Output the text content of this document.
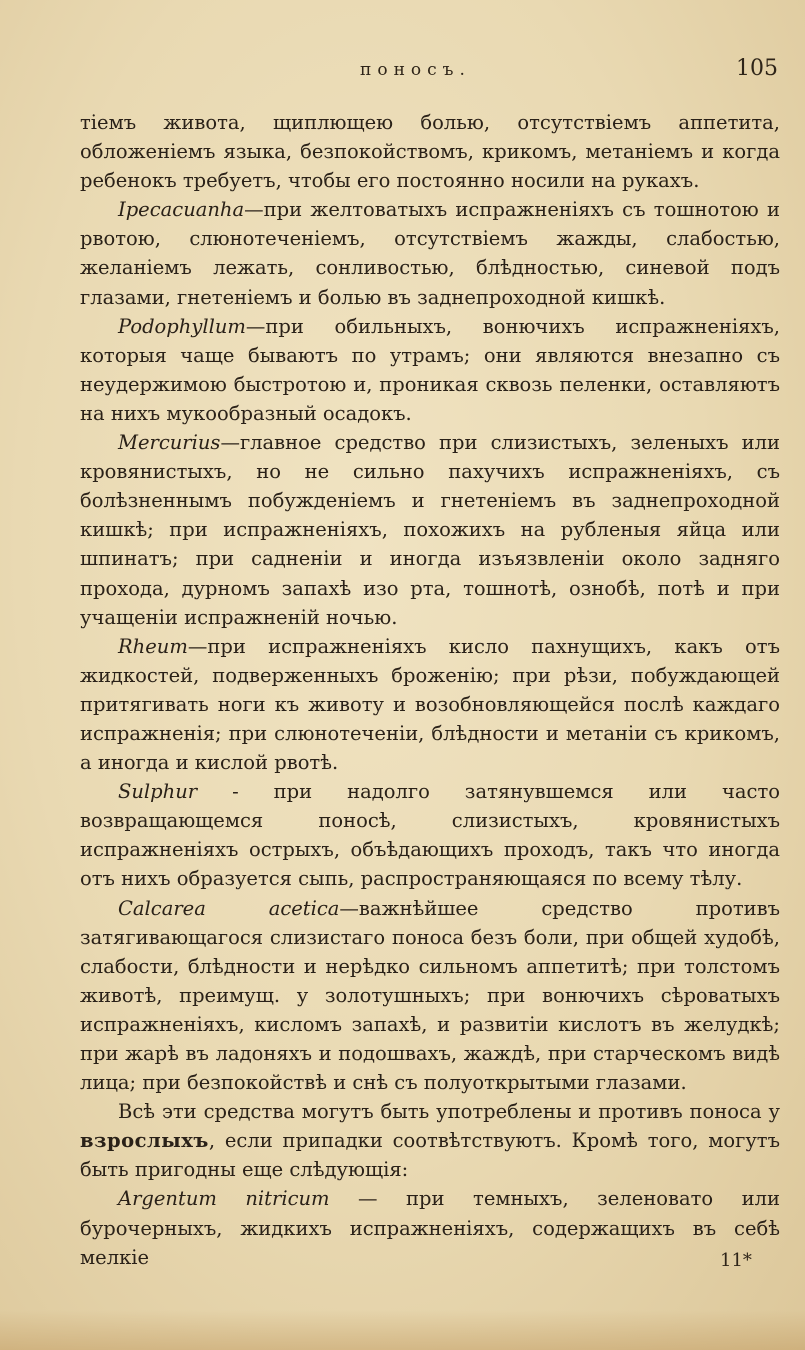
поносъ.	105

тіемъ живота, щиплющею болью, отсутствіемъ аппетита, обложеніемъ языка, безпокойствомъ, крикомъ, метаніемъ и когда ребенокъ требуетъ, чтобы его постоянно носили на рукахъ.

Ipecacuanha—при желтоватыхъ испражненіяхъ съ тошнотою и рвотою, слюнотеченіемъ, отсутствіемъ жажды, слабостью, желаніемъ лежать, сонливостью, блѣдностью, синевой подъ глазами, гнетеніемъ и болью въ заднепроходной кишкѣ.

Podophyllum—при обильныхъ, вонючихъ испражненіяхъ, которыя чаще бываютъ по утрамъ; они являются внезапно съ неудержимою быстротою и, проникая сквозь пеленки, оставляютъ на нихъ мукообразный осадокъ.

Mercurius—главное средство при слизистыхъ, зеленыхъ или кровянистыхъ, но не сильно пахучихъ испражненіяхъ, съ болѣзненнымъ побужденіемъ и гнетеніемъ въ заднепроходной кишкѣ; при испражненіяхъ, похожихъ на рубленыя яйца или шпинатъ; при садненіи и иногда изъязвленіи около задняго прохода, дурномъ запахѣ изо рта, тошнотѣ, ознобѣ, потѣ и при учащеніи испражненій ночью.

Rheum—при испражненіяхъ кисло пахнущихъ, какъ отъ жидкостей, подверженныхъ броженію; при рѣзи, побуждающей притягивать ноги къ животу и возобновляющейся послѣ каждаго испражненія; при слюнотеченіи, блѣдности и метаніи съ крикомъ, а иногда и кислой рвотѣ.

Sulphur - при надолго затянувшемся или часто возвращающемся поносѣ, слизистыхъ, кровянистыхъ испражненіяхъ острыхъ, объѣдающихъ проходъ, такъ что иногда отъ нихъ образуется сыпь, распространяющаяся по всему тѣлу.

Calcarea acetica—важнѣйшее средство противъ затягивающагося слизистаго поноса безъ боли, при общей худобѣ, слабости, блѣдности и нерѣдко сильномъ аппетитѣ; при толстомъ животѣ, преимущ. у золотушныхъ; при вонючихъ сѣроватыхъ испражненіяхъ, кисломъ запахѣ, и развитіи кислотъ въ желудкѣ; при жарѣ въ ладоняхъ и подошвахъ, жаждѣ, при старческомъ видѣ лица; при безпокойствѣ и снѣ съ полуоткрытыми глазами.

Всѣ эти средства могутъ быть употреблены и противъ поноса у взрослыхъ, если припадки соотвѣтствуютъ. Кромѣ того, могутъ быть пригодны еще слѣдующія:

Argentum nitricum — при темныхъ, зеленовато или бурочерныхъ, жидкихъ испражненіяхъ, содержащихъ въ себѣ мелкіе	11*
